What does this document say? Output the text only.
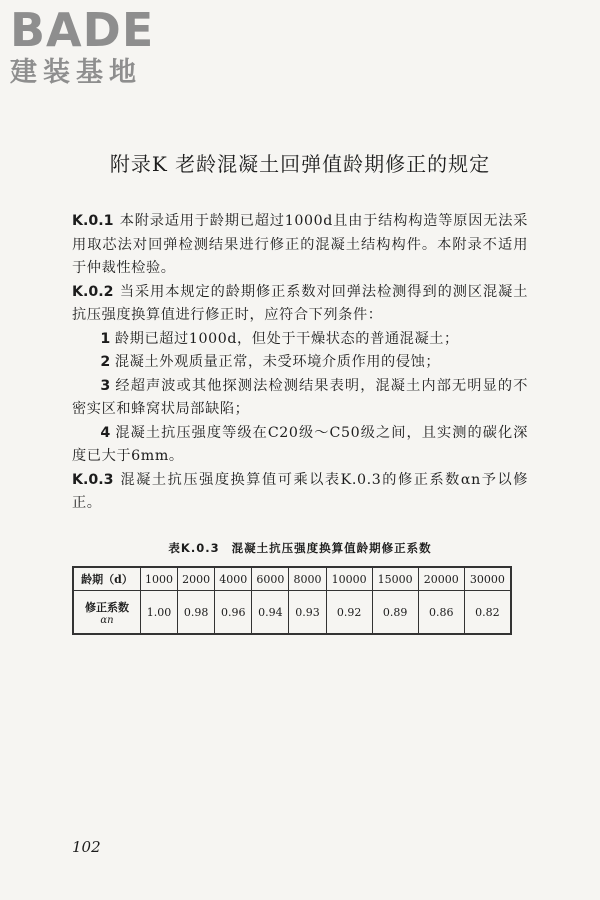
BADE
建装基地
附录K 老龄混凝土回弹值龄期修正的规定

K.0.1 本附录适用于龄期已超过1000d且由于结构构造等原因无法采用取芯法对回弹检测结果进行修正的混凝土结构构件。本附录不适用于仲裁性检验。

K.0.2 当采用本规定的龄期修正系数对回弹法检测得到的测区混凝土抗压强度换算值进行修正时，应符合下列条件：

1 龄期已超过1000d，但处于干燥状态的普通混凝土；

2 混凝土外观质量正常，未受环境介质作用的侵蚀；

3 经超声波或其他探测法检测结果表明，混凝土内部无明显的不密实区和蜂窝状局部缺陷；

4 混凝土抗压强度等级在C20级～C50级之间，且实测的碳化深度已大于6mm。

K.0.3 混凝土抗压强度换算值可乘以表K.0.3的修正系数αn予以修正。

表K.0.3 混凝土抗压强度换算值龄期修正系数
龄期（d）	1000	2000	4000	6000	8000	10000	15000	20000	30000
修正系数
αn	1.00	0.98	0.96	0.94	0.93	0.92	0.89	0.86	0.82
102
